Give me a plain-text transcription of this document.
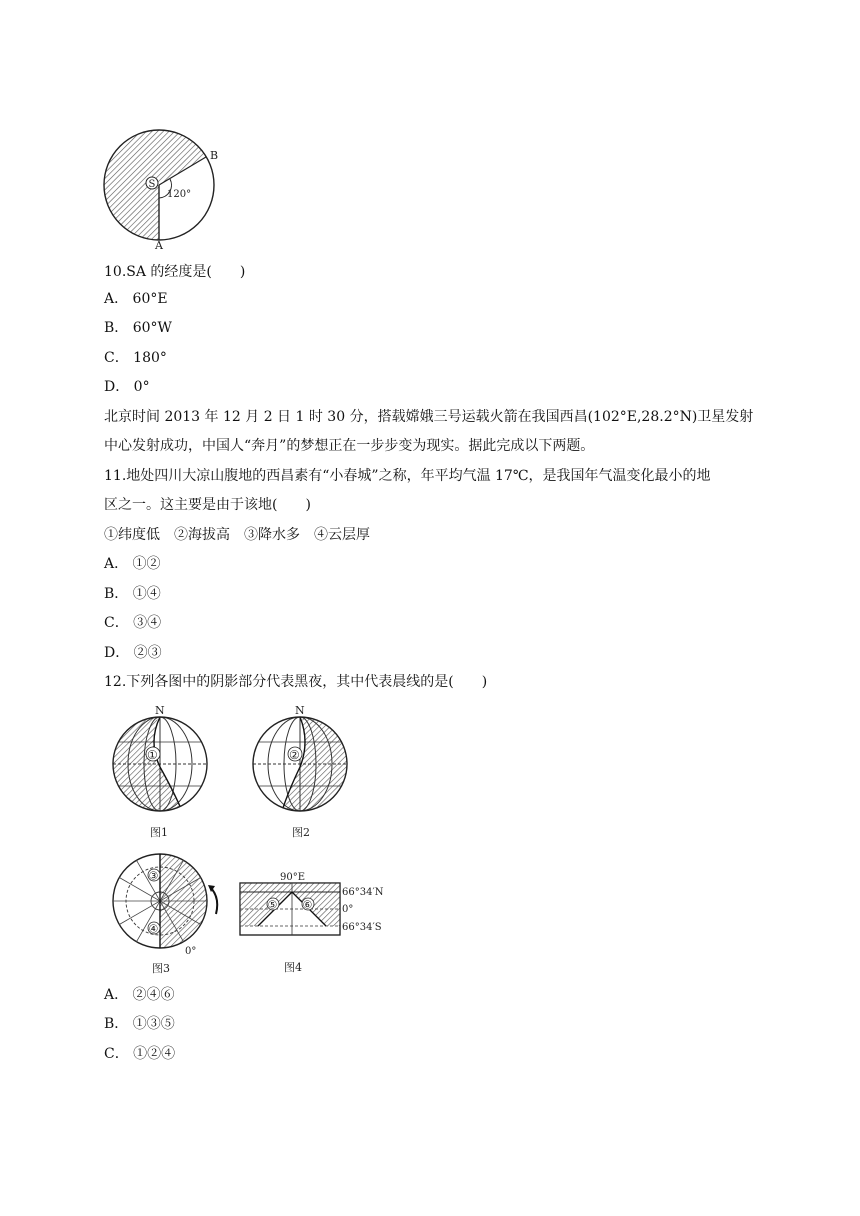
S
B
A
120°
10.SA 的经度是(　　)
A． 60°E
B． 60°W
C． 180°
D． 0°
北京时间 2013 年 12 月 2 日 1 时 30 分，搭载嫦娥三号运载火箭在我国西昌(102°E,28.2°N)卫星发射
中心发射成功，中国人“奔月”的梦想正在一步步变为现实。据此完成以下两题。
11.地处四川大凉山腹地的西昌素有“小春城”之称，年平均气温 17℃，是我国年气温变化最小的地
区之一。这主要是由于该地(　　)
①纬度低　②海拔高　③降水多　④云层厚
A． ①②
B． ①④
C． ③④
D． ②③
12.下列各图中的阴影部分代表黑夜，其中代表晨线的是(　　)
N
①
图1
N
②
图2
③
④
0°
图3
90°E
⑤ ⑥
66°34′N
0°
66°34′S
图4
A． ②④⑥
B． ①③⑤
C． ①②④
